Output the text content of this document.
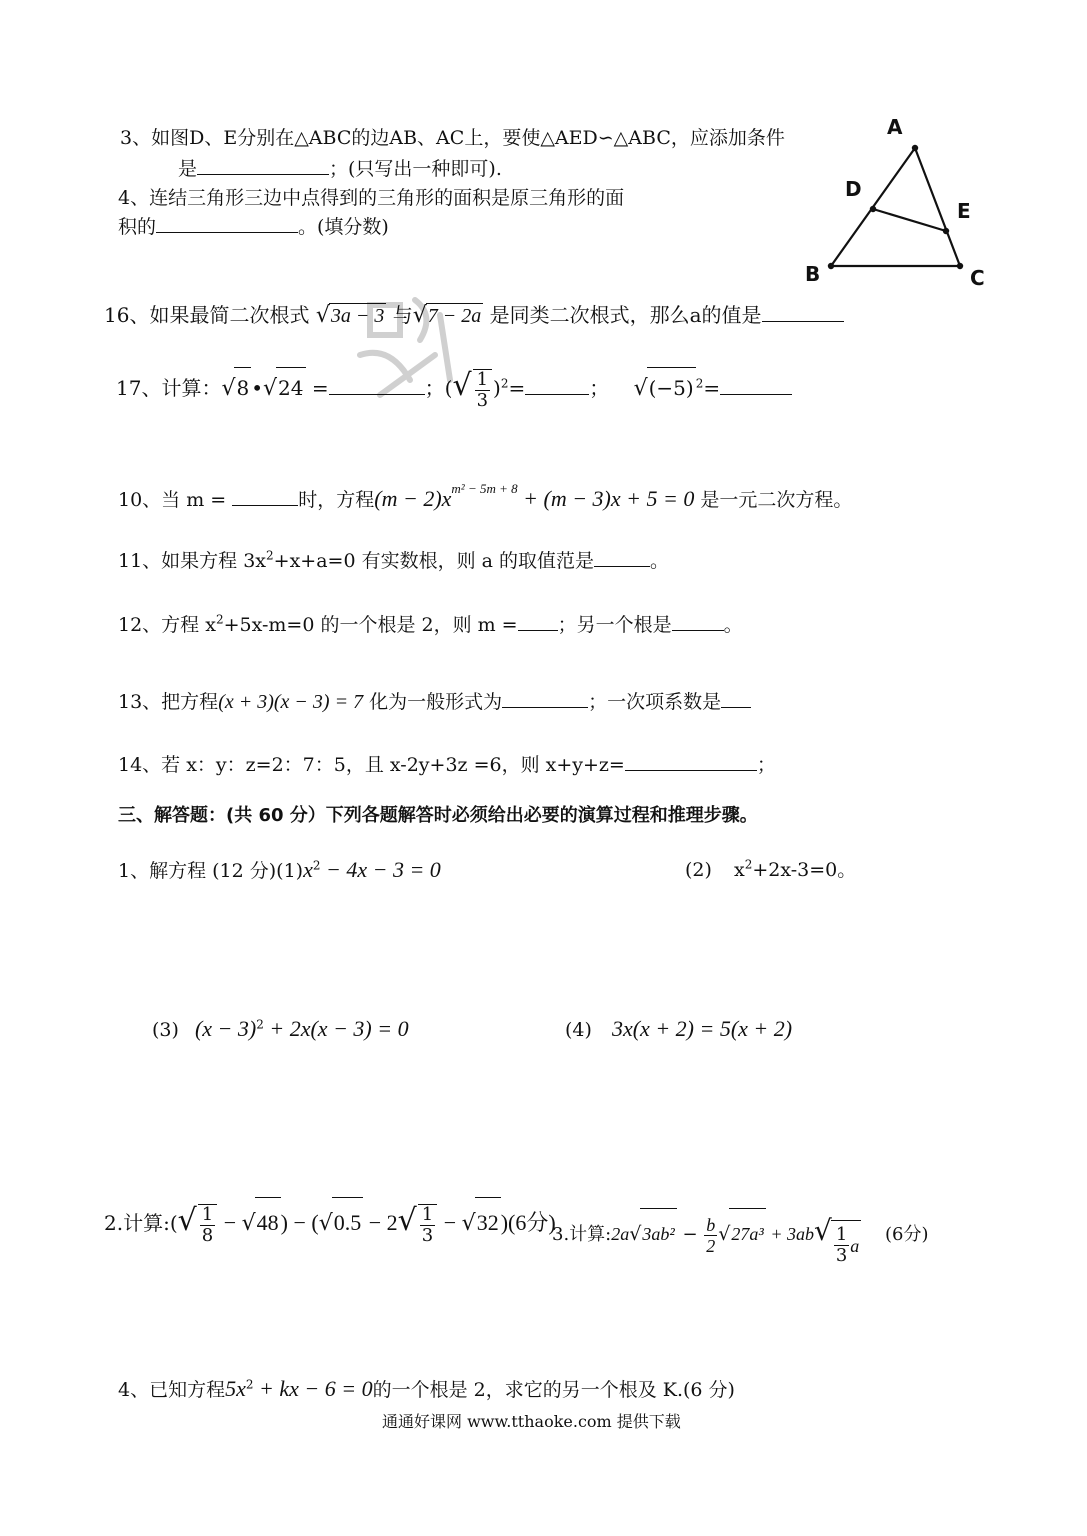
3、如图D、E分别在△ABC的边AB、AC上，要使△AED∽△ABC，应添加条件
是	；(只写出一种即可).
4、连结三角形三边中点得到的三角形的面积是原三角形的面
积的	。(填分数)
A
B	C
D
E
16、如果最简二次根式 √3a − 3 与√7 − 2a 是同类二次根式，那么a的值是
17、计算：√8 •√24 =	；(√ $\frac{1}{3} )^2=$	； √(−5) $^2$=
10、当 m =	时，方程$(m - 2)x^{m^2 - 5m + 8} + (m - 3)x + 5 = 0$ 是一元二次方程。
11、如果方程 $3x^2+x+a=0$ 有实数根，则 a 的取值范是	。
12、方程 $x^2+5x-m=0$ 的一个根是 2，则 m = ；另一个根是	。
13、把方程(x + 3)(x − 3) = 7 化为一般形式为	；一次项系数是
14、若 x：y：z=2：7：5，且 x-2y+3z =6，则 x+y+z=	；
三、解答题：(共 60 分）下列各题解答时必须给出必要的演算过程和推理步骤。
1、解方程 (12 分)$(1)x^2 - 4x - 3 = 0$	(2) $x^2+2x-3=0$。
(3) $(x - 3)^2 + 2x(x - 3) = 0$	(4) 3x(x + 2) = 5(x + 2)
2.计算:(√ $\frac{1}{8} - √48) - (√0.5 - 2√ \frac{1}{3} - √32)(6$分)
3.计算:2a√3ab² − $\frac{b}{2} √27a^3 + 3ab√ \frac{1}{3}$ a
(6分)
4、已知方程$5x^2$ + kx − 6 = 0的一个根是 2，求它的另一个根及 K.(6 分)
通通好课网 www.tthaoke.com 提供下载
